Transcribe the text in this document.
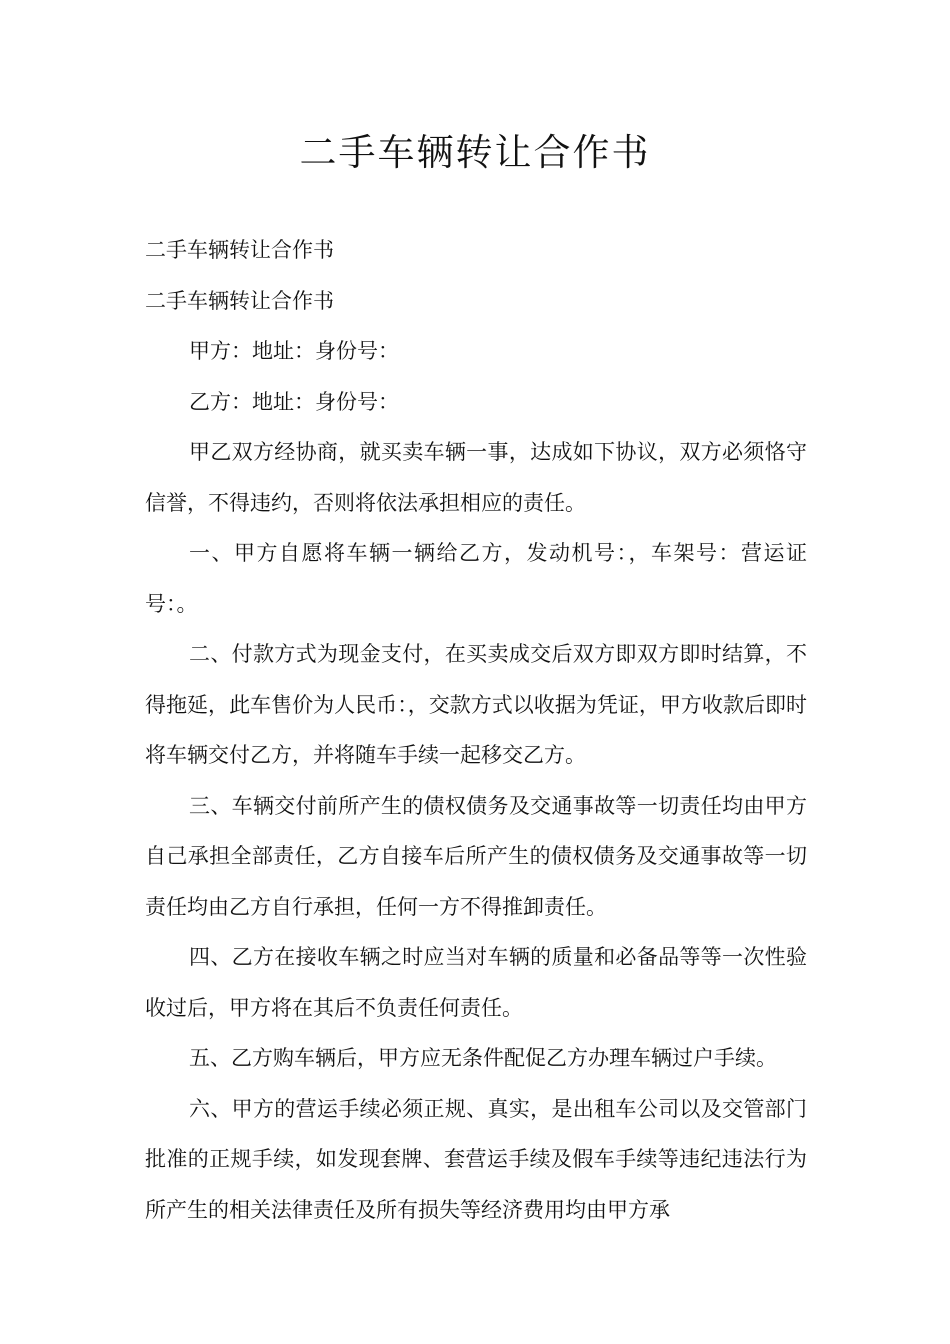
二手车辆转让合作书

二手车辆转让合作书

二手车辆转让合作书

甲方：地址：身份号：

乙方：地址：身份号：

甲乙双方经协商，就买卖车辆一事，达成如下协议，双方必须恪守信誉，不得违约，否则将依法承担相应的责任。

一、甲方自愿将车辆一辆给乙方，发动机号：，车架号：营运证号：。

二、付款方式为现金支付，在买卖成交后双方即双方即时结算，不得拖延，此车售价为人民币：，交款方式以收据为凭证，甲方收款后即时将车辆交付乙方，并将随车手续一起移交乙方。

三、车辆交付前所产生的债权债务及交通事故等一切责任均由甲方自己承担全部责任，乙方自接车后所产生的债权债务及交通事故等一切责任均由乙方自行承担，任何一方不得推卸责任。

四、乙方在接收车辆之时应当对车辆的质量和必备品等等一次性验收过后，甲方将在其后不负责任何责任。

五、乙方购车辆后，甲方应无条件配促乙方办理车辆过户手续。

六、甲方的营运手续必须正规、真实，是出租车公司以及交管部门批准的正规手续，如发现套牌、套营运手续及假车手续等违纪违法行为所产生的相关法律责任及所有损失等经济费用均由甲方承
